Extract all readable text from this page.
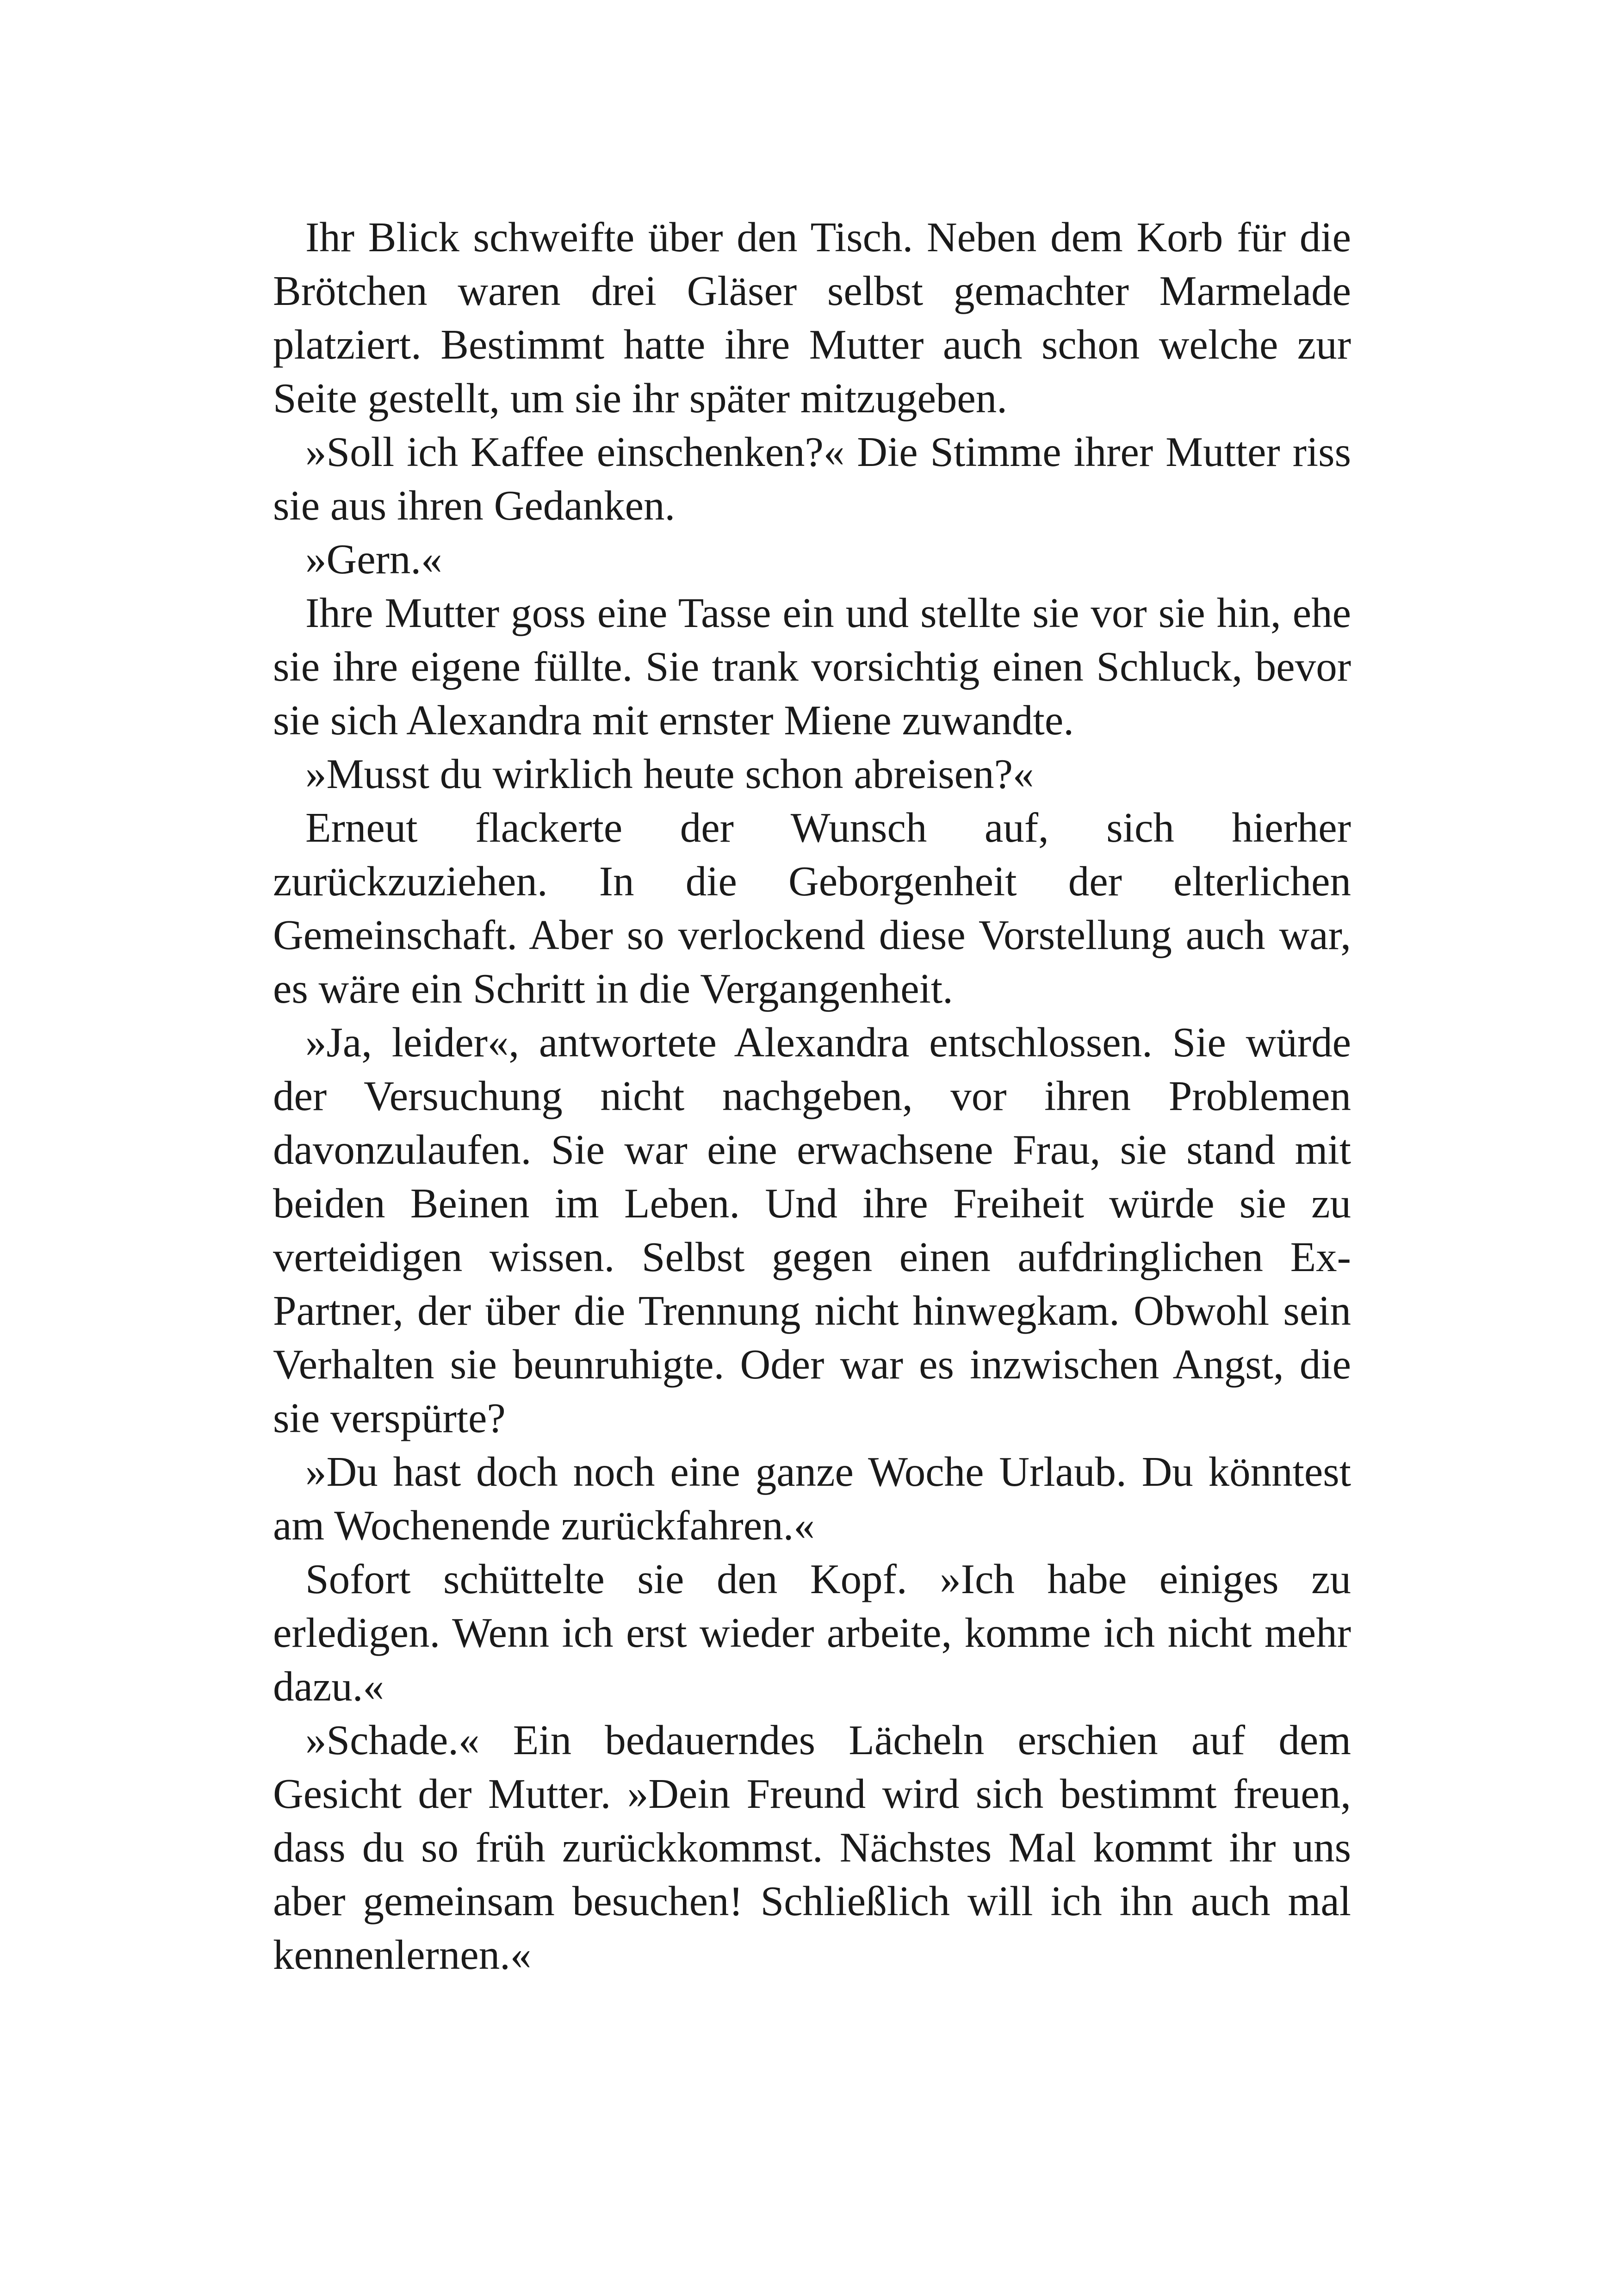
Ihr Blick schweifte über den Tisch. Neben dem Korb für die Brötchen waren drei Gläser selbst gemachter Marmelade platziert. Bestimmt hatte ihre Mutter auch schon welche zur Seite gestellt, um sie ihr später mitzugeben.

»Soll ich Kaffee einschenken?« Die Stimme ihrer Mutter riss sie aus ihren Gedanken.

»Gern.«

Ihre Mutter goss eine Tasse ein und stellte sie vor sie hin, ehe sie ihre eigene füllte. Sie trank vorsichtig einen Schluck, bevor sie sich Alexandra mit ernster Miene zuwandte.

»Musst du wirklich heute schon abreisen?«

Erneut flackerte der Wunsch auf, sich hierher zurückzuziehen. In die Geborgenheit der elterlichen Gemeinschaft. Aber so verlockend diese Vorstellung auch war, es wäre ein Schritt in die Vergangenheit.

»Ja, leider«, antwortete Alexandra entschlossen. Sie würde der Versuchung nicht nachgeben, vor ihren Problemen davonzulaufen. Sie war eine erwachsene Frau, sie stand mit beiden Beinen im Leben. Und ihre Freiheit würde sie zu verteidigen wissen. Selbst gegen einen aufdringlichen Ex-Partner, der über die Trennung nicht hinwegkam. Obwohl sein Verhalten sie beunruhigte. Oder war es inzwischen Angst, die sie verspürte?

»Du hast doch noch eine ganze Woche Urlaub. Du könntest am Wochenende zurückfahren.«

Sofort schüttelte sie den Kopf. »Ich habe einiges zu erledigen. Wenn ich erst wieder arbeite, komme ich nicht mehr dazu.«

»Schade.« Ein bedauerndes Lächeln erschien auf dem Gesicht der Mutter. »Dein Freund wird sich bestimmt freuen, dass du so früh zurückkommst. Nächstes Mal kommt ihr uns aber gemeinsam besuchen! Schließlich will ich ihn auch mal kennenlernen.«
